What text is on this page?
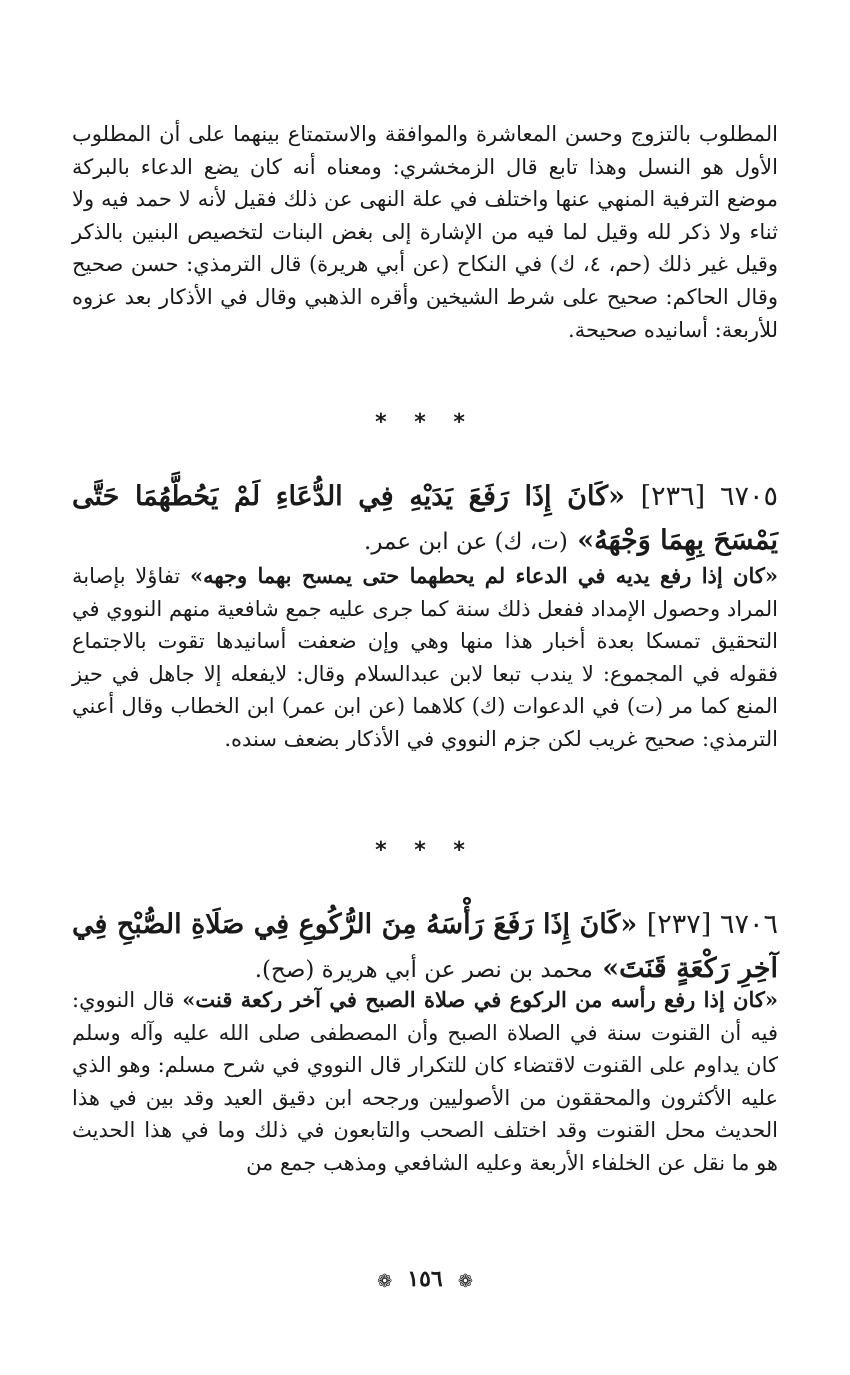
المطلوب بالتزوج وحسن المعاشرة والموافقة والاستمتاع بينهما على أن المطلوب الأول هو النسل وهذا تابع قال الزمخشري: ومعناه أنه كان يضع الدعاء بالبركة موضع الترفية المنهي عنها واختلف في علة النهى عن ذلك فقيل لأنه لا حمد فيه ولا ثناء ولا ذكر لله وقيل لما فيه من الإشارة إلى بغض البنات لتخصيص البنين بالذكر وقيل غير ذلك (حم، ٤، ك) في النكاح (عن أبي هريرة) قال الترمذي: حسن صحيح وقال الحاكم: صحيح على شرط الشيخين وأقره الذهبي وقال في الأذكار بعد عزوه للأربعة: أسانيده صحيحة.

* * *

٦٧٠٥ [٢٣٦] «كَانَ إِذَا رَفَعَ يَدَيْهِ فِي الدُّعَاءِ لَمْ يَحُطَّهُمَا حَتَّى يَمْسَحَ بِهِمَا وَجْهَهُ» (ت، ك) عن ابن عمر.

«كان إذا رفع يديه في الدعاء لم يحطهما حتى يمسح بهما وجهه» تفاؤلا بإصابة المراد وحصول الإمداد ففعل ذلك سنة كما جرى عليه جمع شافعية منهم النووي في التحقيق تمسكا بعدة أخبار هذا منها وهي وإن ضعفت أسانيدها تقوت بالاجتماع فقوله في المجموع: لا يندب تبعا لابن عبدالسلام وقال: لايفعله إلا جاهل في حيز المنع كما مر (ت) في الدعوات (ك) كلاهما (عن ابن عمر) ابن الخطاب وقال أعني الترمذي: صحيح غريب لكن جزم النووي في الأذكار بضعف سنده.

* * *

٦٧٠٦ [٢٣٧] «كَانَ إِذَا رَفَعَ رَأْسَهُ مِنَ الرُّكُوعِ فِي صَلَاةِ الصُّبْحِ فِي آخِرِ رَكْعَةٍ قَنَتَ» محمد بن نصر عن أبي هريرة (صح).

«كان إذا رفع رأسه من الركوع في صلاة الصبح في آخر ركعة قنت» قال النووي: فيه أن القنوت سنة في الصلاة الصبح وأن المصطفى صلى الله عليه وآله وسلم كان يداوم على القنوت لاقتضاء كان للتكرار قال النووي في شرح مسلم: وهو الذي عليه الأكثرون والمحققون من الأصوليين ورجحه ابن دقيق العيد وقد بين في هذا الحديث محل القنوت وقد اختلف الصحب والتابعون في ذلك وما في هذا الحديث هو ما نقل عن الخلفاء الأربعة وعليه الشافعي ومذهب جمع من

❁ ١٥٦ ❁
